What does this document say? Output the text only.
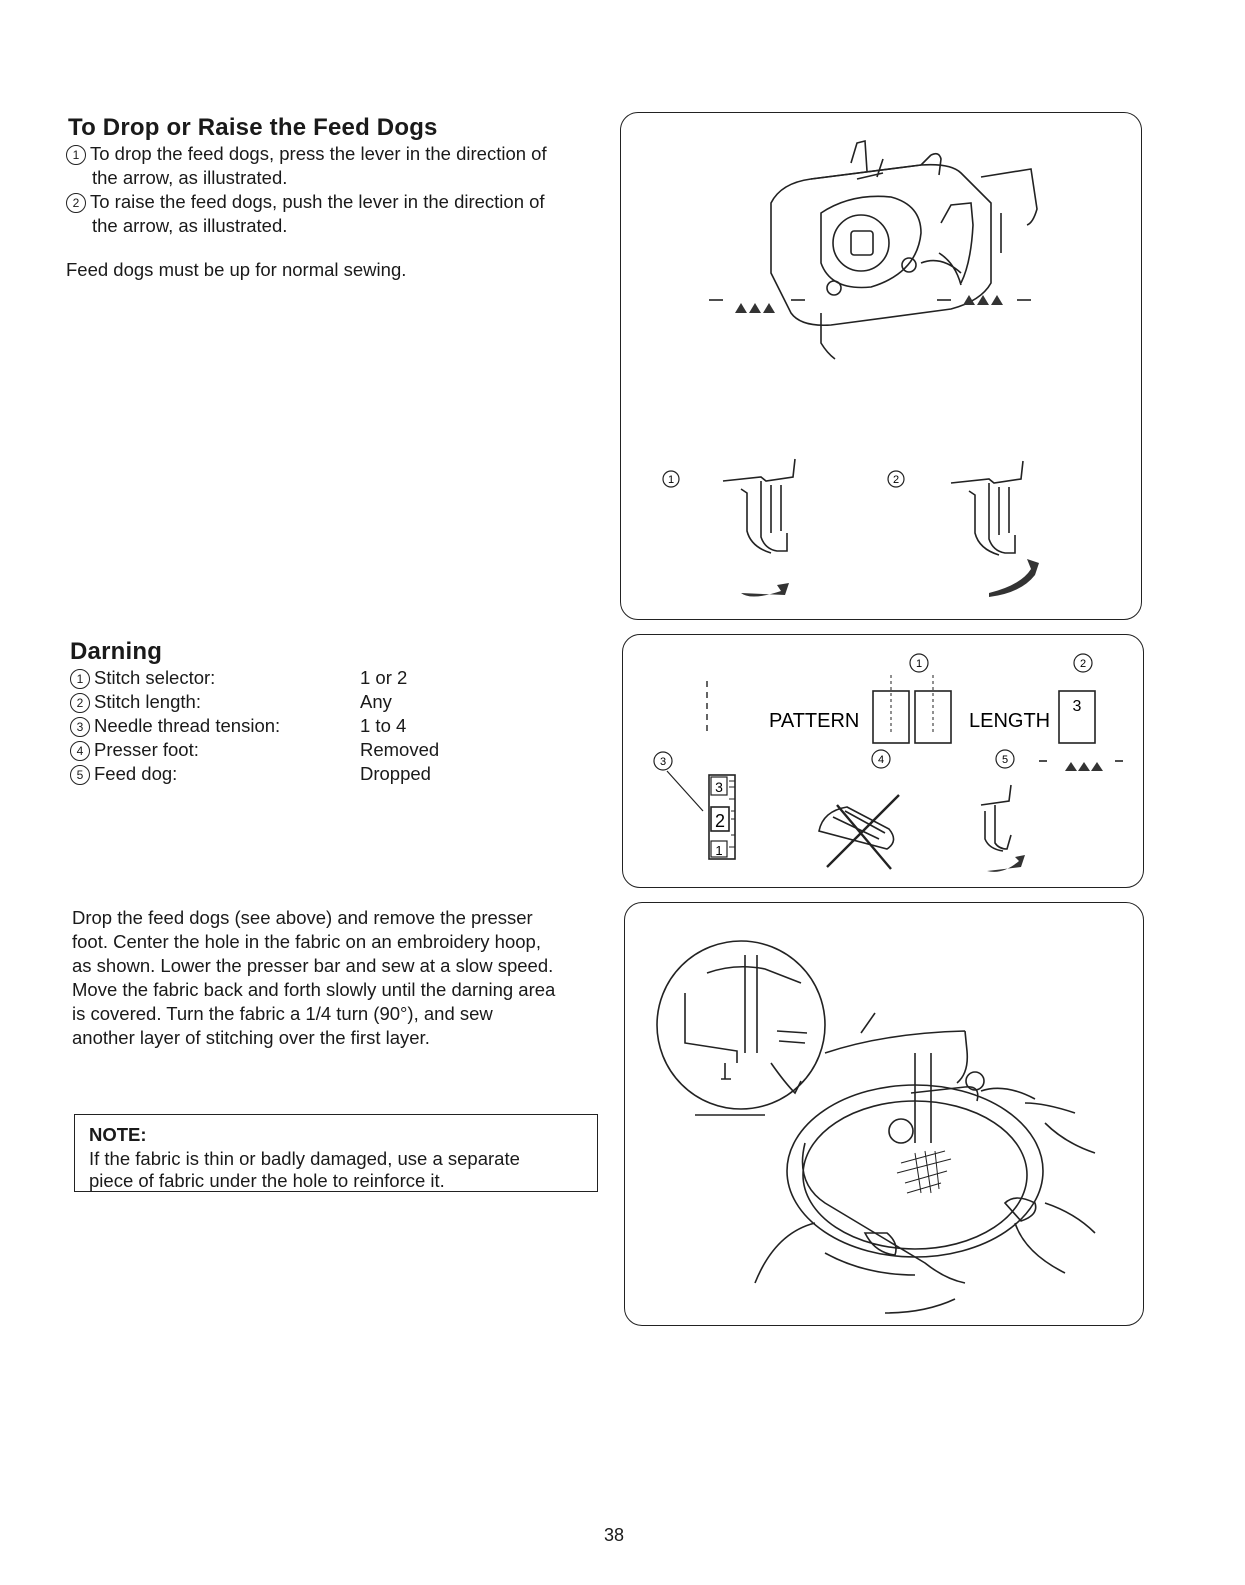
To Drop or Raise the Feed Dogs
1 To drop the feed dogs, press the lever in the direction of
the arrow, as illustrated.
2 To raise the feed dogs, push the lever in the direction of
the arrow, as illustrated.
Feed dogs must be up for normal sewing.
Darning
1 Stitch selector:	1 or 2
2 Stitch length:	Any
3 Needle thread tension:	1 to 4
4 Presser foot:	Removed
5 Feed dog:	Dropped
Drop the feed dogs (see above) and remove the presser
foot. Center the hole in the fabric on an embroidery hoop,
as shown. Lower the presser bar and sew at a slow speed.
Move the fabric back and forth slowly until the darning area
is covered. Turn the fabric a 1/4 turn (90°), and sew
another layer of stitching over the first layer.
NOTE:
If the fabric is thin or badly damaged, use a separate
piece of fabric under the hole to reinforce it.
1	2
1	2
3	4	5
PATTERN	LENGTH
3
3
2
1
38
